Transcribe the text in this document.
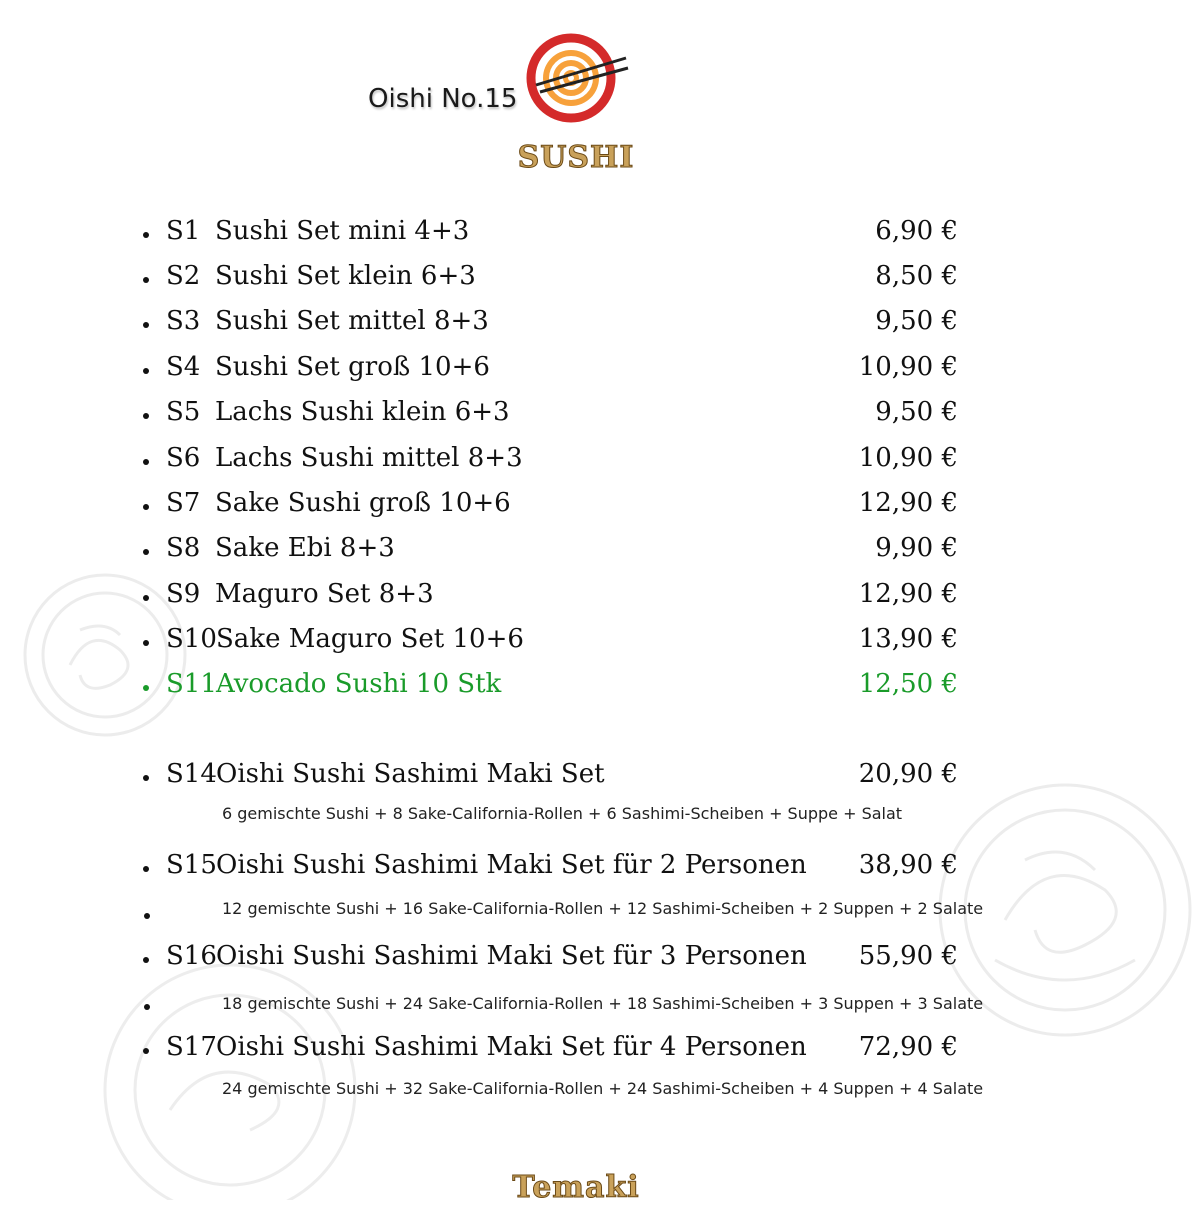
Oishi No.15
SUSHI
S1 Sushi Set mini 4+3	6,90 €
S2 Sushi Set klein 6+3	8,50 €
S3 Sushi Set mittel 8+3	9,50 €
S4 Sushi Set groß 10+6	10,90 €
S5 Lachs Sushi klein 6+3	9,50 €
S6 Lachs Sushi mittel 8+3	10,90 €
S7 Sake Sushi groß 10+6	12,90 €
S8 Sake Ebi 8+3	9,90 €
S9 Maguro Set 8+3	12,90 €
S10 Sake Maguro Set 10+6	13,90 €
S11 Avocado Sushi 10 Stk	12,50 €
S14 Oishi Sushi Sashimi Maki Set	20,90 €
S15 Oishi Sushi Sashimi Maki Set für 2 Personen 38,90 €
S16 Oishi Sushi Sashimi Maki Set für 3 Personen 55,90 €
S17 Oishi Sushi Sashimi Maki Set für 4 Personen 72,90 €
6 gemischte Sushi + 8 Sake-California-Rollen + 6 Sashimi-Scheiben + Suppe + Salat
12 gemischte Sushi + 16 Sake-California-Rollen + 12 Sashimi-Scheiben + 2 Suppen + 2 Salate
18 gemischte Sushi + 24 Sake-California-Rollen + 18 Sashimi-Scheiben + 3 Suppen + 3 Salate
24 gemischte Sushi + 32 Sake-California-Rollen + 24 Sashimi-Scheiben + 4 Suppen + 4 Salate
Temaki
